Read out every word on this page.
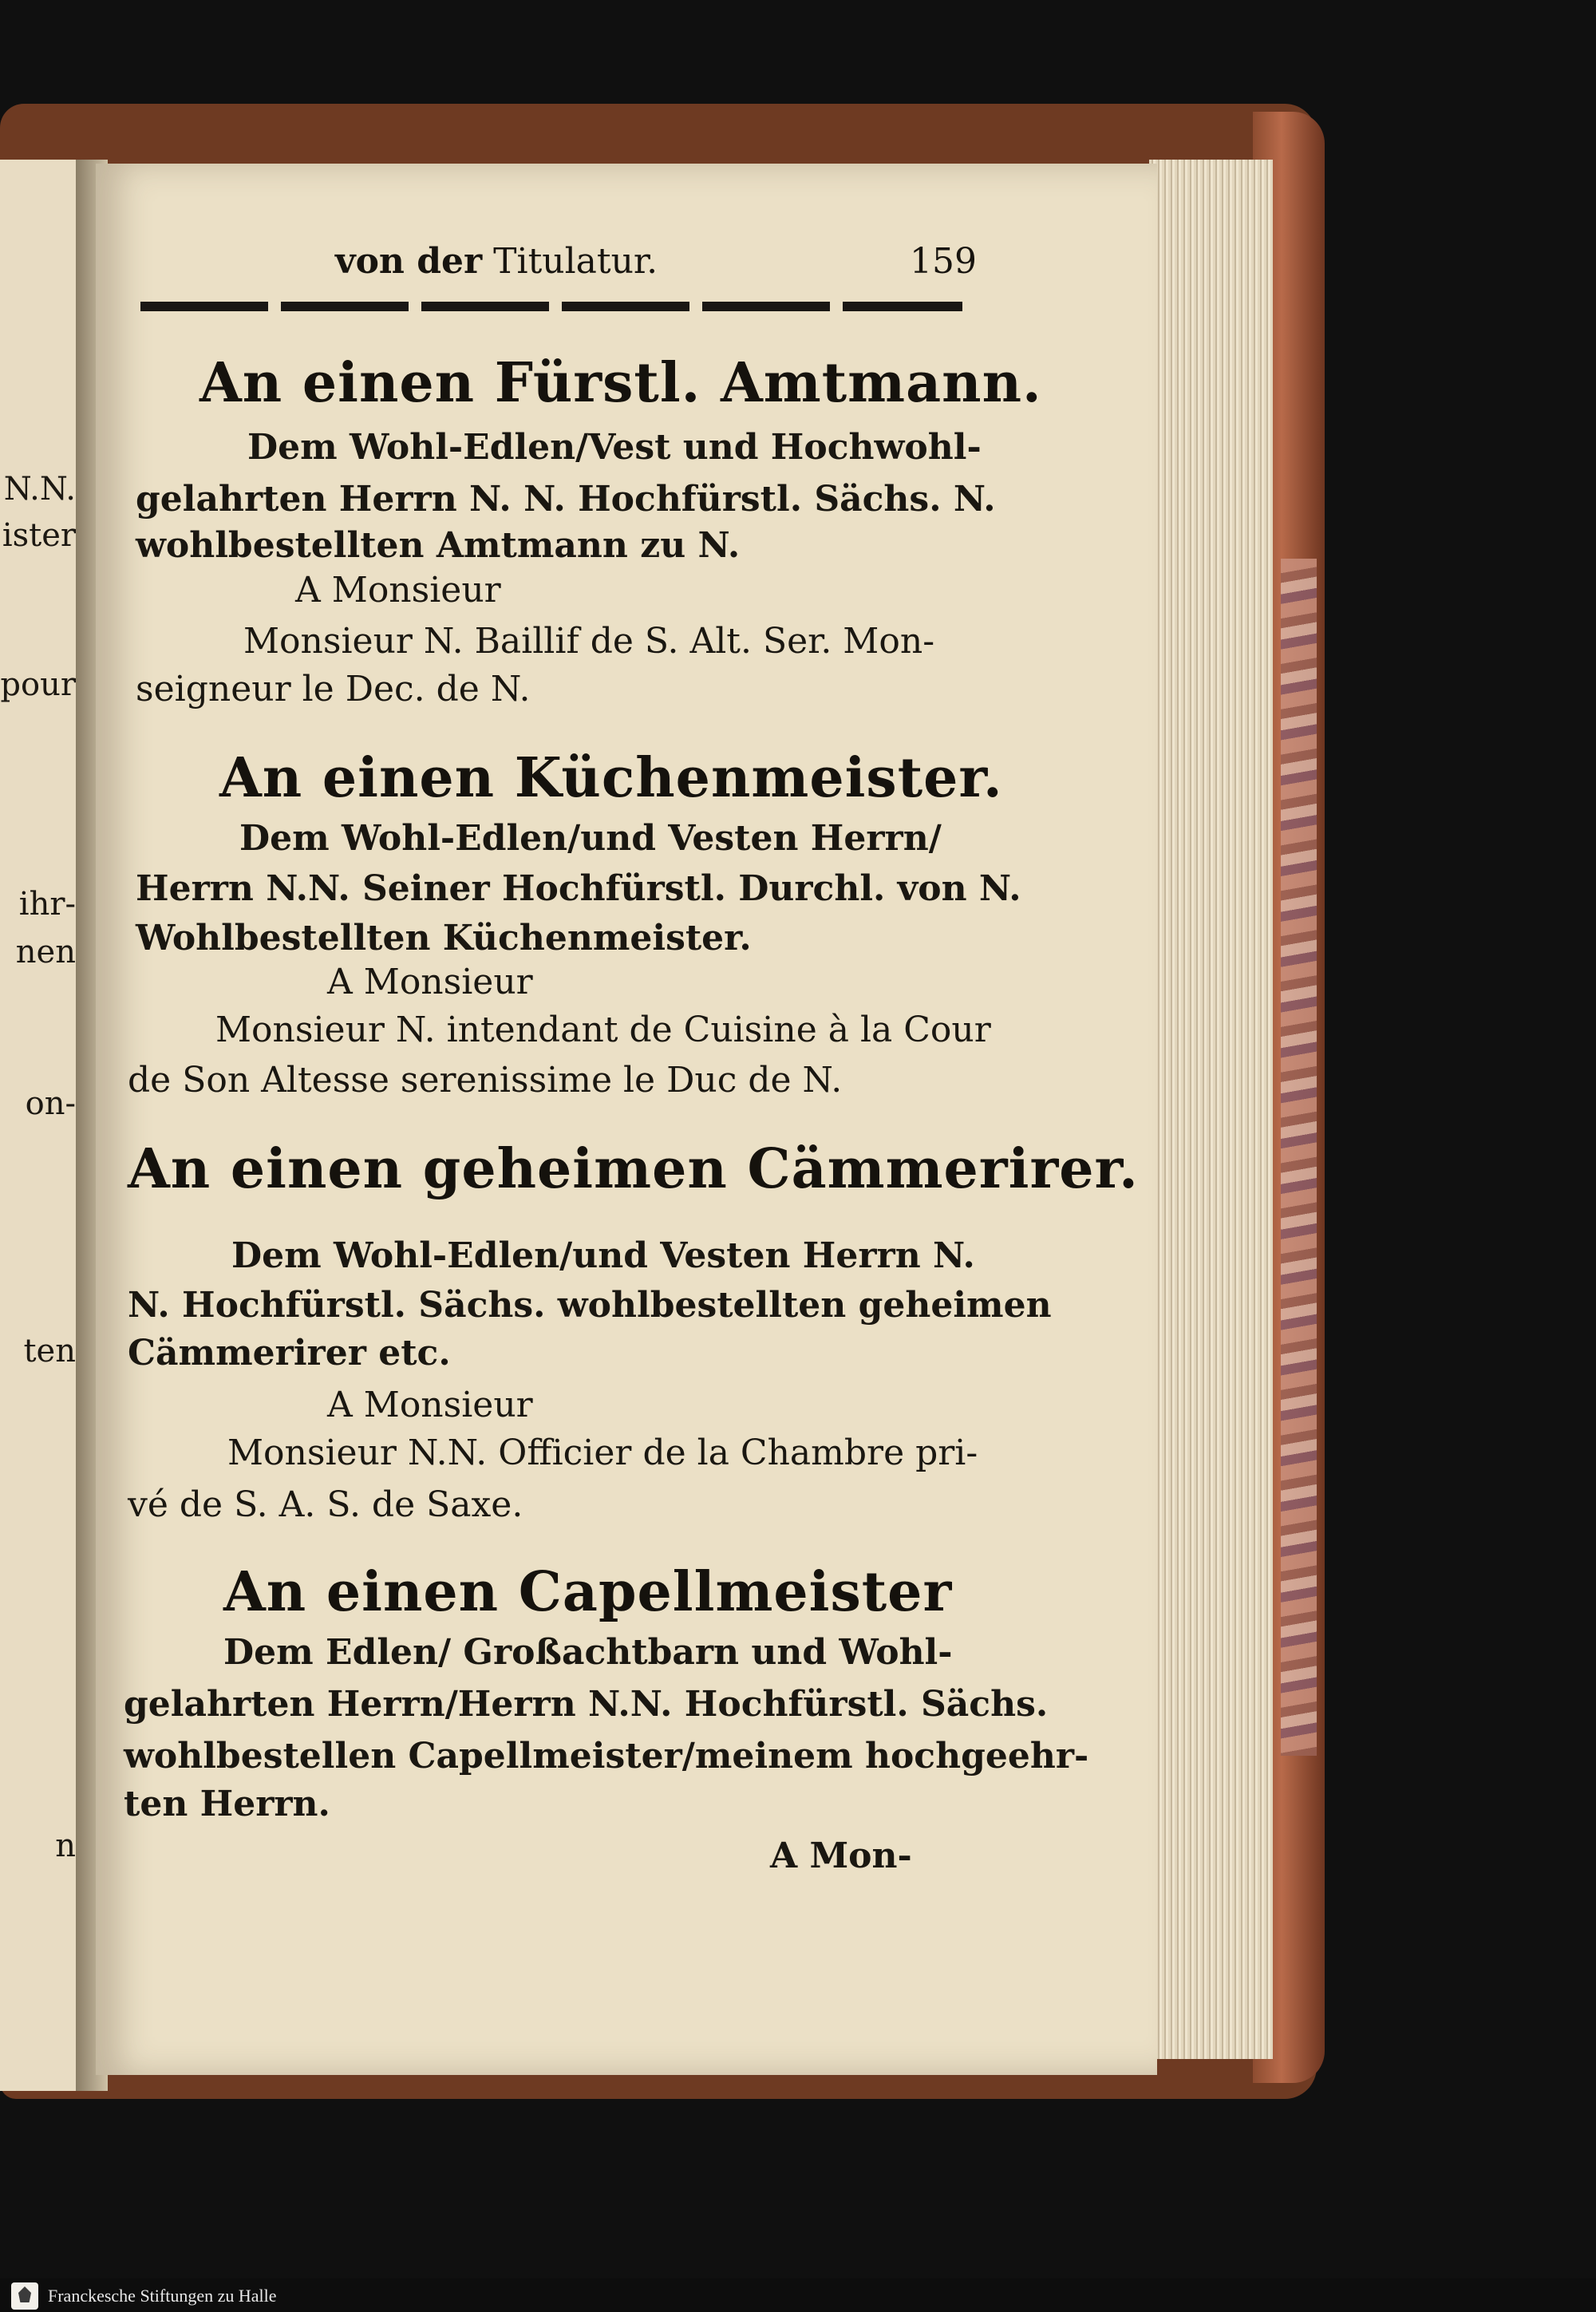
N.N.
ister
pour
ihr-
nen
on-
ten
n
von der Titulatur.	159
An einen Fürstl. Amtmann.
Dem Wohl-Edlen/Vest und Hochwohl-
gelahrten Herrn N. N. Hochfürstl. Sächs. N.
wohlbestellten Amtmann zu N.
A Monsieur
Monsieur N. Baillif de S. Alt. Ser. Mon-
seigneur le Dec. de N.
An einen Küchenmeister.
Dem Wohl-Edlen/und Vesten Herrn/
Herrn N.N. Seiner Hochfürstl. Durchl. von N.
Wohlbestellten Küchenmeister.
A Monsieur
Monsieur N. intendant de Cuisine à la Cour
de Son Altesse serenissime le Duc de N.
An einen geheimen Cämmerirer.
Dem Wohl-Edlen/und Vesten Herrn N.
N. Hochfürstl. Sächs. wohlbestellten geheimen
Cämmerirer etc.
A Monsieur
Monsieur N.N. Officier de la Chambre pri-
vé de S. A. S. de Saxe.
An einen Capellmeister
Dem Edlen/ Großachtbarn und Wohl-
gelahrten Herrn/Herrn N.N. Hochfürstl. Sächs.
wohlbestellen Capellmeister/meinem hochgeehr-
ten Herrn.
A Mon-
Franckesche Stiftungen zu Halle
